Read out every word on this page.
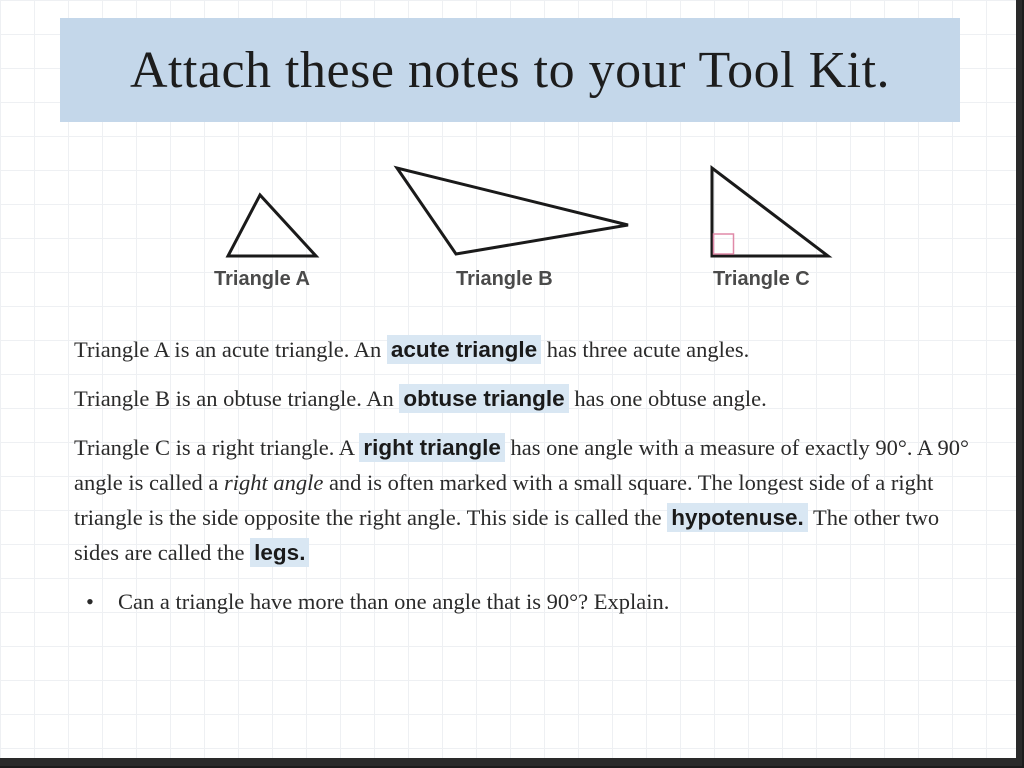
Attach these notes to your Tool Kit.
Triangle A	Triangle B	Triangle C

Triangle A is an acute triangle. An acute triangle has three acute angles.

Triangle B is an obtuse triangle. An obtuse triangle has one obtuse angle.

Triangle C is a right triangle. A right triangle has one angle with a measure of exactly 90°. A 90° angle is called a right angle and is often marked with a small square. The longest side of a right triangle is the side opposite the right angle. This side is called the hypotenuse. The other two sides are called the legs.

•	Can a triangle have more than one angle that is 90°? Explain.
